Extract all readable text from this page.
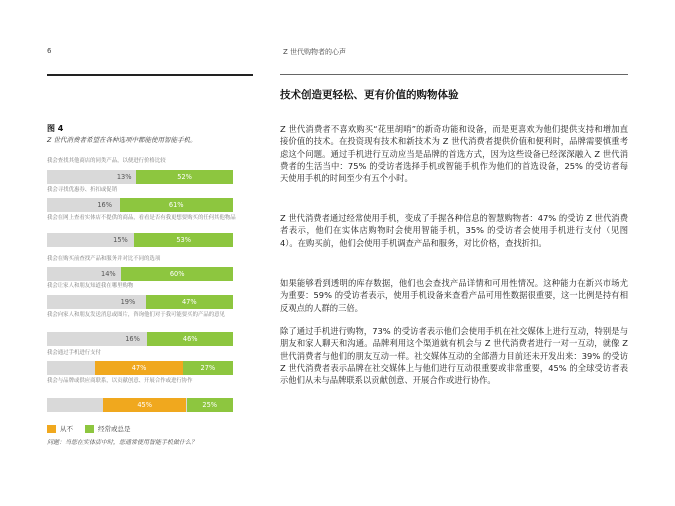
6	Z 世代购物者的心声
图 4
Z 世代消费者希望在各种选项中都能使用智能手机。
我会查找其他商店的同类产品，以便进行价格比较
13%	52%
我会寻找优惠券、折扣或促销
16%	61%
我会在网上查看实体店不提供的商品，看看是否有我更想要购买的任何其他物品
15%	53%
我会在购买前查找产品和服务并对比不同的选项
14%	60%
我会让家人和朋友知道我在哪里购物
19%	47%
我会向家人和朋友发送消息或图片，咨询他们对于我可能要买的产品的意见
16%	46%
我会通过手机进行支付
47%	27%
我会与品牌或供应商联系，以贡献创意、开展合作或进行协作
45%	25%
从不	经常或总是
问题：当您在实体店中时，您通常使用智能手机做什么？
技术创造更轻松、更有价值的购物体验

Z 世代消费者不喜欢购买“花里胡哨”的新奇功能和设备，而是更喜欢为他们提供支持和增加直接价值的技术。在投资现有技术和新技术为 Z 世代消费者提供价值和便利时，品牌需要慎重考虑这个问题。通过手机进行互动应当是品牌的首选方式，因为这些设备已经深深融入 Z 世代消费者的生活当中：75% 的受访者选择手机或智能手机作为他们的首选设备，25% 的受访者每天使用手机的时间至少有五个小时。

Z 世代消费者通过经常使用手机，变成了手握各种信息的智慧购物者：47% 的受访 Z 世代消费者表示，他们在实体店购物时会使用智能手机，35% 的受访者会使用手机进行支付（见图 4）。在购买前，他们会使用手机调查产品和服务，对比价格，查找折扣。

如果能够看到透明的库存数据，他们也会查找产品详情和可用性情况。这种能力在新兴市场尤为重要：59% 的受访者表示，使用手机设备来查看产品可用性数据很重要，这一比例是持有相反观点的人群的三倍。

除了通过手机进行购物，73% 的受访者表示他们会使用手机在社交媒体上进行互动，特别是与朋友和家人聊天和沟通。品牌利用这个渠道就有机会与 Z 世代消费者进行一对一互动，就像 Z 世代消费者与他们的朋友互动一样。社交媒体互动的全部潜力目前还未开发出来：39% 的受访 Z 世代消费者表示品牌在社交媒体上与他们进行互动很重要或非常重要，45% 的全球受访者表示他们从未与品牌联系以贡献创意、开展合作或进行协作。
